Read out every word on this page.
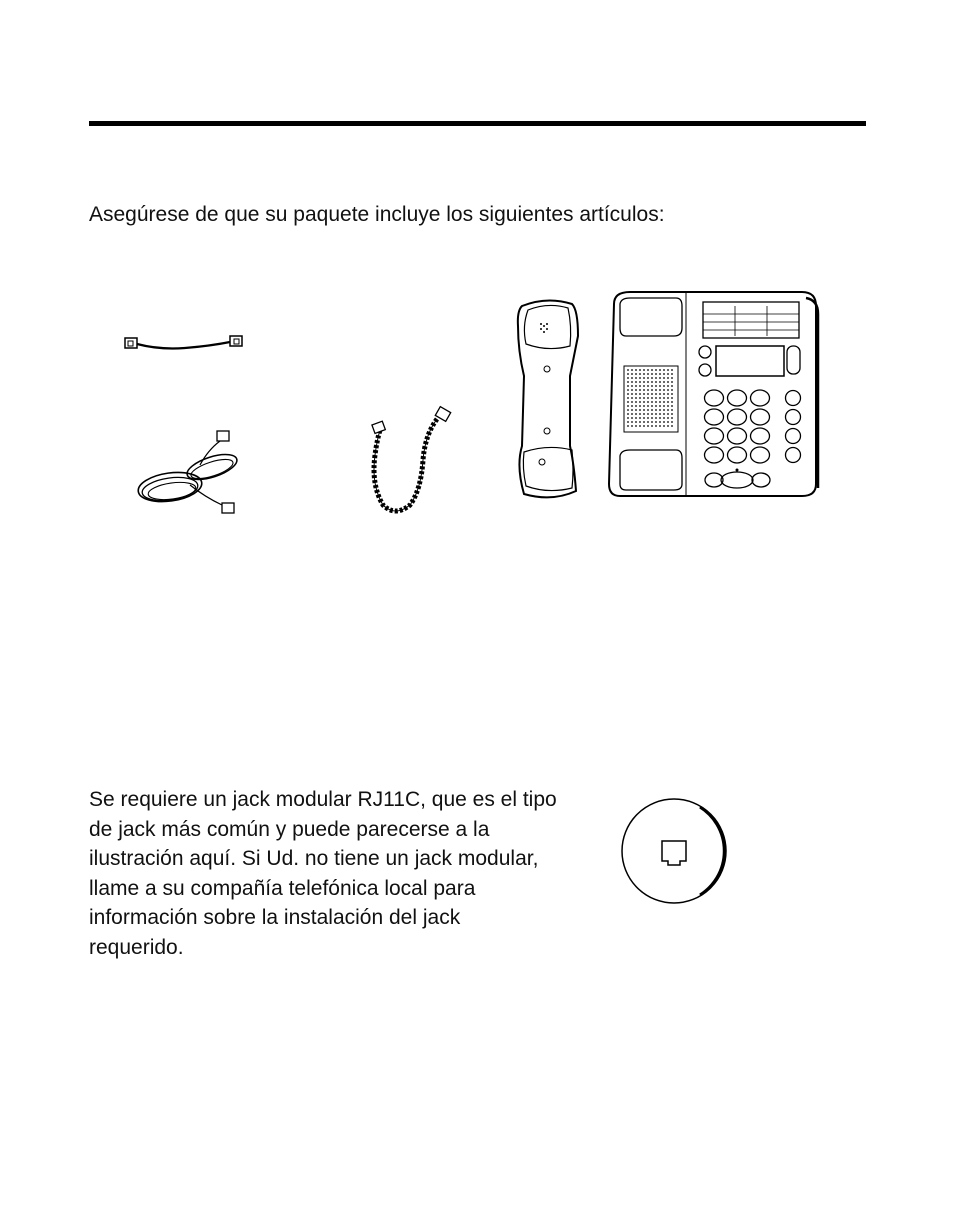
Asegúrese de que su paquete incluye los siguientes artículos:

Se requiere un jack modular RJ11C, que es el tipo de jack más común y puede parecerse a la ilustración aquí. Si Ud. no tiene un jack modular, llame a su compañía telefónica local para información sobre la instalación del jack requerido.
